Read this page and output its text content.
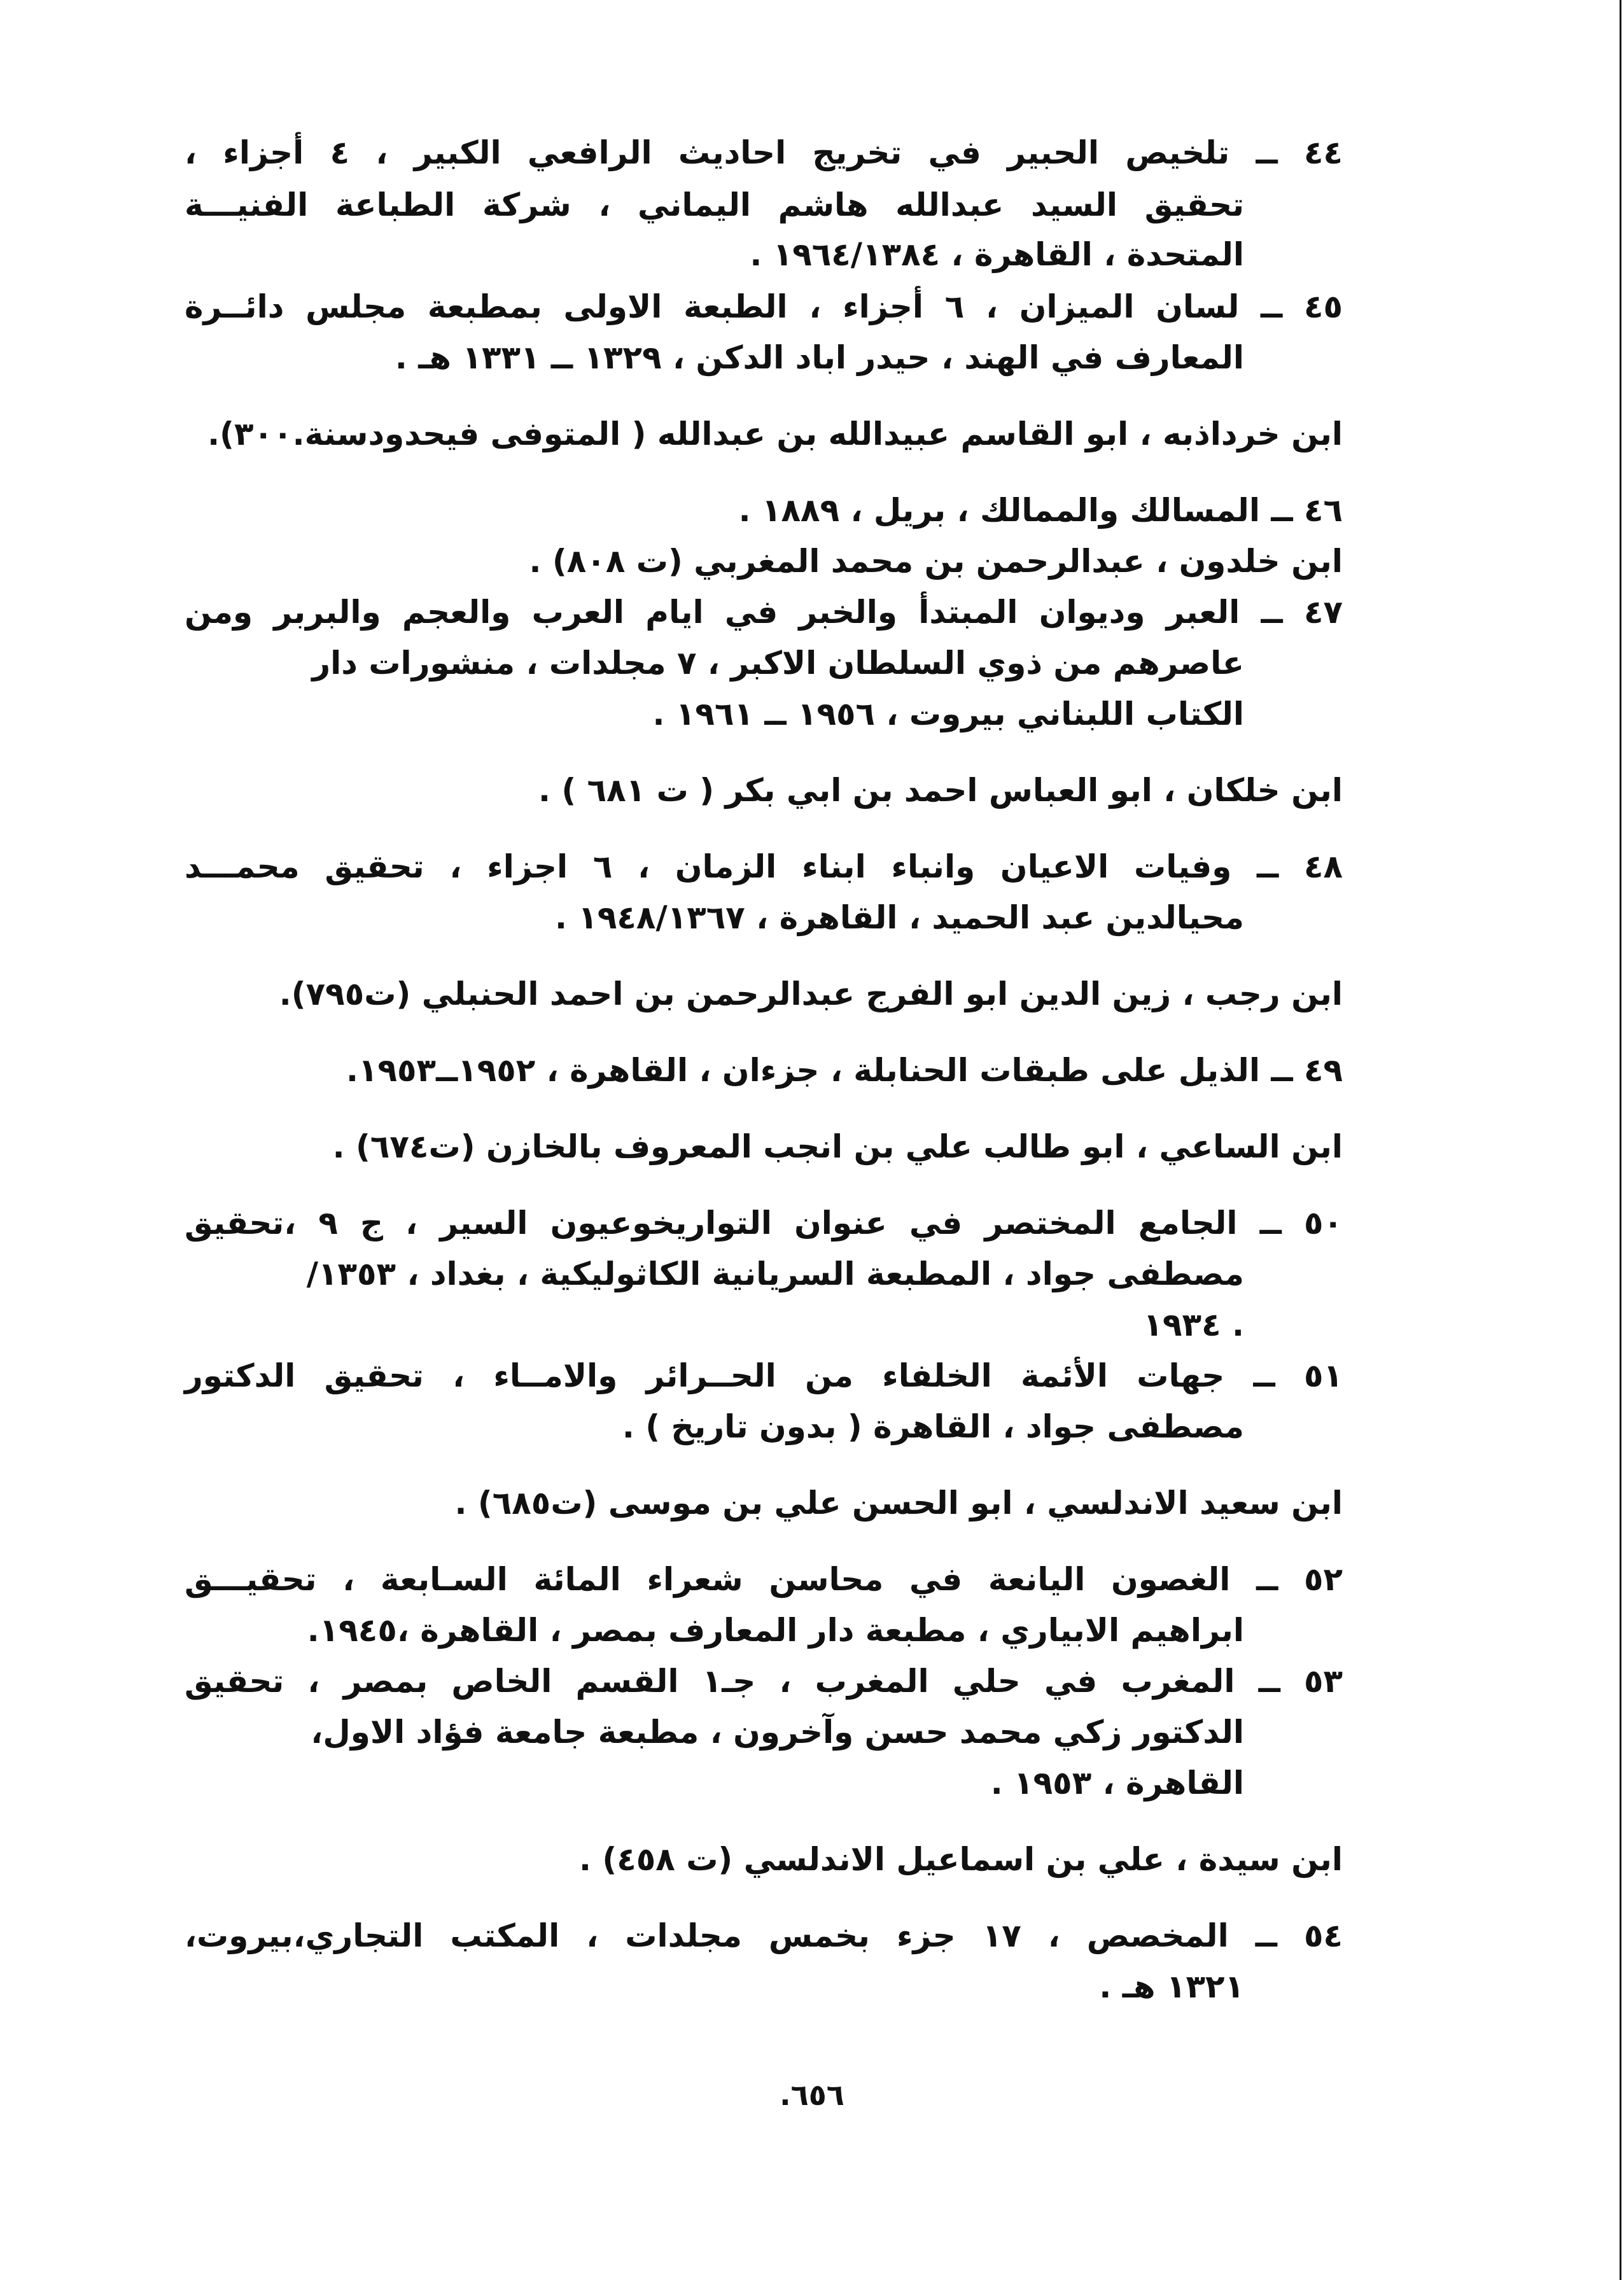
٤٤ ــ تلخيص الحبير في تخريج احاديث الرافعي الكبير ، ٤ أجزاء ،
تحقيق السيد عبدالله هاشم اليماني ، شركة الطباعة الفنيـــة
المتحدة ، القاهرة ، ١٩٦٤/١٣٨٤ .
٤٥ ــ لسان الميزان ، ٦ أجزاء ، الطبعة الاولى بمطبعة مجلس دائــرة
المعارف في الهند ، حيدر اباد الدكن ، ١٣٢٩ ــ ١٣٣١ هـ .
ابن خرداذبه ، ابو القاسم عبيدالله بن عبدالله ( المتوفى فيحدودسنة.٣٠٠).
٤٦ ــ المسالك والممالك ، بريل ، ١٨٨٩ .
ابن خلدون ، عبدالرحمن بن محمد المغربي (ت ٨٠٨) .
٤٧ ــ العبر وديوان المبتدأ والخبر في ايام العرب والعجم والبربر ومن
عاصرهم من ذوي السلطان الاكبر ، ٧ مجلدات ، منشورات دار
الكتاب اللبناني بيروت ، ١٩٥٦ ــ ١٩٦١ .
ابن خلكان ، ابو العباس احمد بن ابي بكر ( ت ٦٨١ ) .
٤٨ ــ وفيات الاعيان وانباء ابناء الزمان ، ٦ اجزاء ، تحقيق محمـــد
محيالدين عبد الحميد ، القاهرة ، ١٩٤٨/١٣٦٧ .
ابن رجب ، زين الدين ابو الفرج عبدالرحمن بن احمد الحنبلي (ت٧٩٥).
٤٩ ــ الذيل على طبقات الحنابلة ، جزءان ، القاهرة ، ١٩٥٢ــ١٩٥٣.
ابن الساعي ، ابو طالب علي بن انجب المعروف بالخازن (ت٦٧٤) .
٥٠ ــ الجامع المختصر في عنوان التواريخوعيون السير ، ج ٩ ،تحقيق
مصطفى جواد ، المطبعة السريانية الكاثوليكية ، بغداد ، ١٣٥٣/
١٩٣٤ .
٥١ ــ جهات الأئمة الخلفاء من الحــرائر والامــاء ، تحقيق الدكتور
مصطفى جواد ، القاهرة ( بدون تاريخ ) .
ابن سعيد الاندلسي ، ابو الحسن علي بن موسى (ت٦٨٥) .
٥٢ ــ الغصون اليانعة في محاسن شعراء المائة السـابعة ، تحقيـــق
ابراهيم الابياري ، مطبعة دار المعارف بمصر ، القاهرة ،١٩٤٥.
٥٣ ــ المغرب في حلي المغرب ، جـ١ القسم الخاص بمصر ، تحقيق
الدكتور زكي محمد حسن وآخرون ، مطبعة جامعة فؤاد الاول،
القاهرة ، ١٩٥٣ .
ابن سيدة ، علي بن اسماعيل الاندلسي (ت ٤٥٨) .
٥٤ ــ المخصص ، ١٧ جزء بخمس مجلدات ، المكتب التجاري،بيروت،
١٣٢١ هـ .
٦٥٦.
